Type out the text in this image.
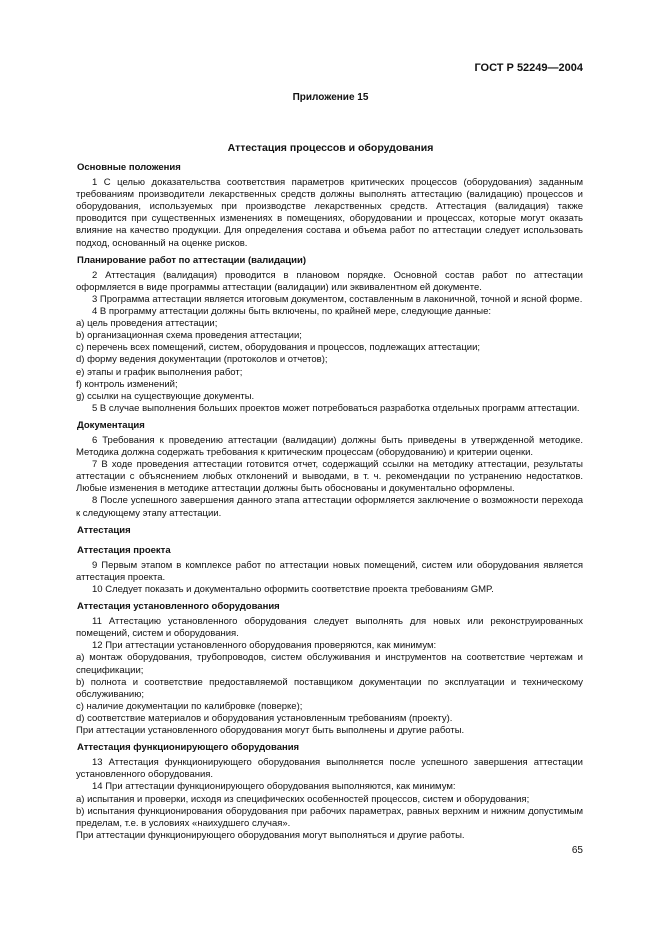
ГОСТ Р 52249—2004
Приложение 15
Аттестация процессов и оборудования
Основные положения

1 С целью доказательства соответствия параметров критических процессов (оборудования) заданным требованиям производители лекарственных средств должны выполнять аттестацию (валидацию) процессов и оборудования, используемых при производстве лекарственных средств. Аттестация (валидация) также проводится при существенных изменениях в помещениях, оборудовании и процессах, которые могут оказать влияние на качество продукции. Для определения состава и объема работ по аттестации следует использовать подход, основанный на оценке рисков.

Планирование работ по аттестации (валидации)

2 Аттестация (валидация) проводится в плановом порядке. Основной состав работ по аттестации оформляется в виде программы аттестации (валидации) или эквивалентном ей документе.

3 Программа аттестации является итоговым документом, составленным в лаконичной, точной и ясной форме.

4 В программу аттестации должны быть включены, по крайней мере, следующие данные:

a) цель проведения аттестации;

b) организационная схема проведения аттестации;

c) перечень всех помещений, систем, оборудования и процессов, подлежащих аттестации;

d) форму ведения документации (протоколов и отчетов);

e) этапы и график выполнения работ;

f) контроль изменений;

g) ссылки на существующие документы.

5 В случае выполнения больших проектов может потребоваться разработка отдельных программ аттестации.

Документация

6 Требования к проведению аттестации (валидации) должны быть приведены в утвержденной методике. Методика должна содержать требования к критическим процессам (оборудованию) и критерии оценки.

7 В ходе проведения аттестации готовится отчет, содержащий ссылки на методику аттестации, результаты аттестации с объяснением любых отклонений и выводами, в т. ч. рекомендации по устранению недостатков. Любые изменения в методике аттестации должны быть обоснованы и документально оформлены.

8 После успешного завершения данного этапа аттестации оформляется заключение о возможности перехода к следующему этапу аттестации.

Аттестация
Аттестация проекта

9 Первым этапом в комплексе работ по аттестации новых помещений, систем или оборудования является аттестация проекта.

10 Следует показать и документально оформить соответствие проекта требованиям GMP.

Аттестация установленного оборудования

11 Аттестацию установленного оборудования следует выполнять для новых или реконструированных помещений, систем и оборудования.

12 При аттестации установленного оборудования проверяются, как минимум:

a) монтаж оборудования, трубопроводов, систем обслуживания и инструментов на соответствие чертежам и спецификации;

b) полнота и соответствие предоставляемой поставщиком документации по эксплуатации и техническому обслуживанию;

c) наличие документации по калибровке (поверке);

d) соответствие материалов и оборудования установленным требованиям (проекту).

При аттестации установленного оборудования могут быть выполнены и другие работы.

Аттестация функционирующего оборудования

13 Аттестация функционирующего оборудования выполняется после успешного завершения аттестации установленного оборудования.

14 При аттестации функционирующего оборудования выполняются, как минимум:

a) испытания и проверки, исходя из специфических особенностей процессов, систем и оборудования;

b) испытания функционирования оборудования при рабочих параметрах, равных верхним и нижним допустимым пределам, т.е. в условиях «наихудшего случая».

При аттестации функционирующего оборудования могут выполняться и другие работы.

65
